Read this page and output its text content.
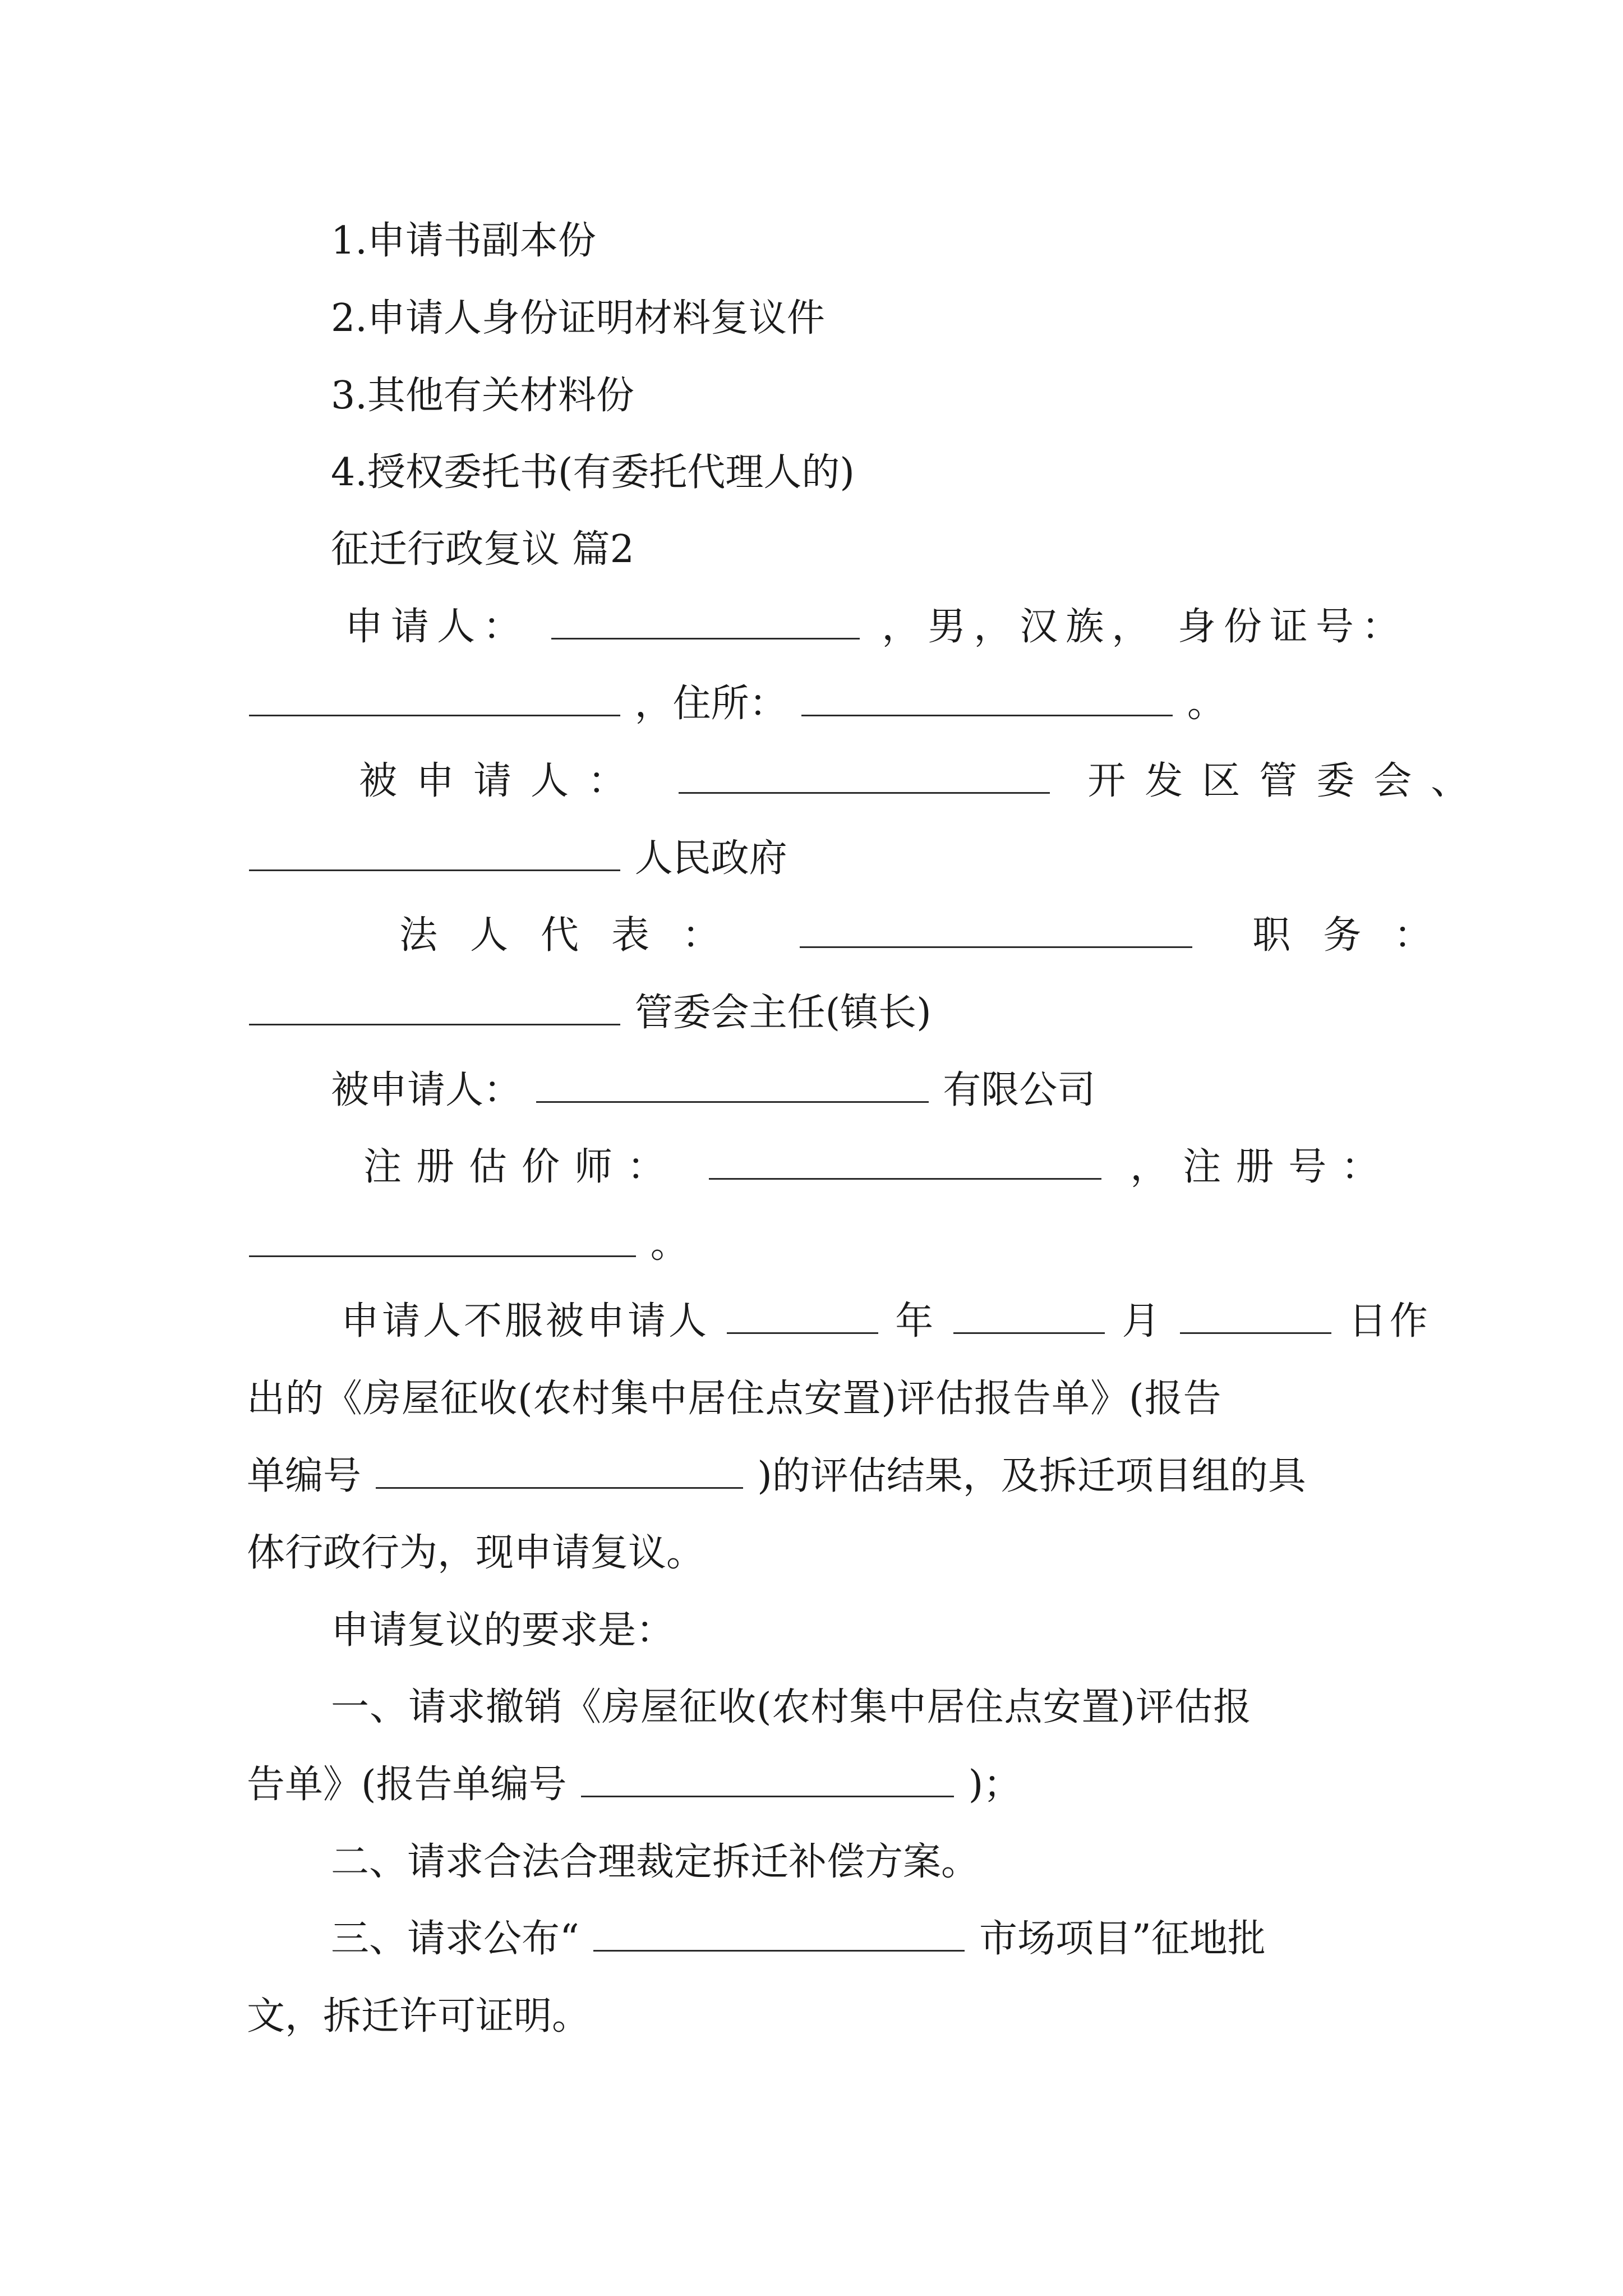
1.申请书副本份
2.申请人身份证明材料复议件
3.其他有关材料份
4.授权委托书(有委托代理人的)
征迁行政复议 篇2
申请人：	，男，汉族， 身份证号：
，住所：	。
被申请人：	开发区管委会、
人民政府
法人代表：	职务：
管委会主任(镇长)
被申请人：	有限公司
注册估价师：	，注册号：
。
申请人不服被申请人	年	月	日作
出的《房屋征收(农村集中居住点安置)评估报告单》(报告
单编号	)的评估结果，及拆迁项目组的具
体行政行为，现申请复议。
申请复议的要求是：
一、请求撤销《房屋征收(农村集中居住点安置)评估报
告单》(报告单编号	)；
二、请求合法合理裁定拆迁补偿方案。
三、请求公布“	市场项目”征地批
文，拆迁许可证明。
